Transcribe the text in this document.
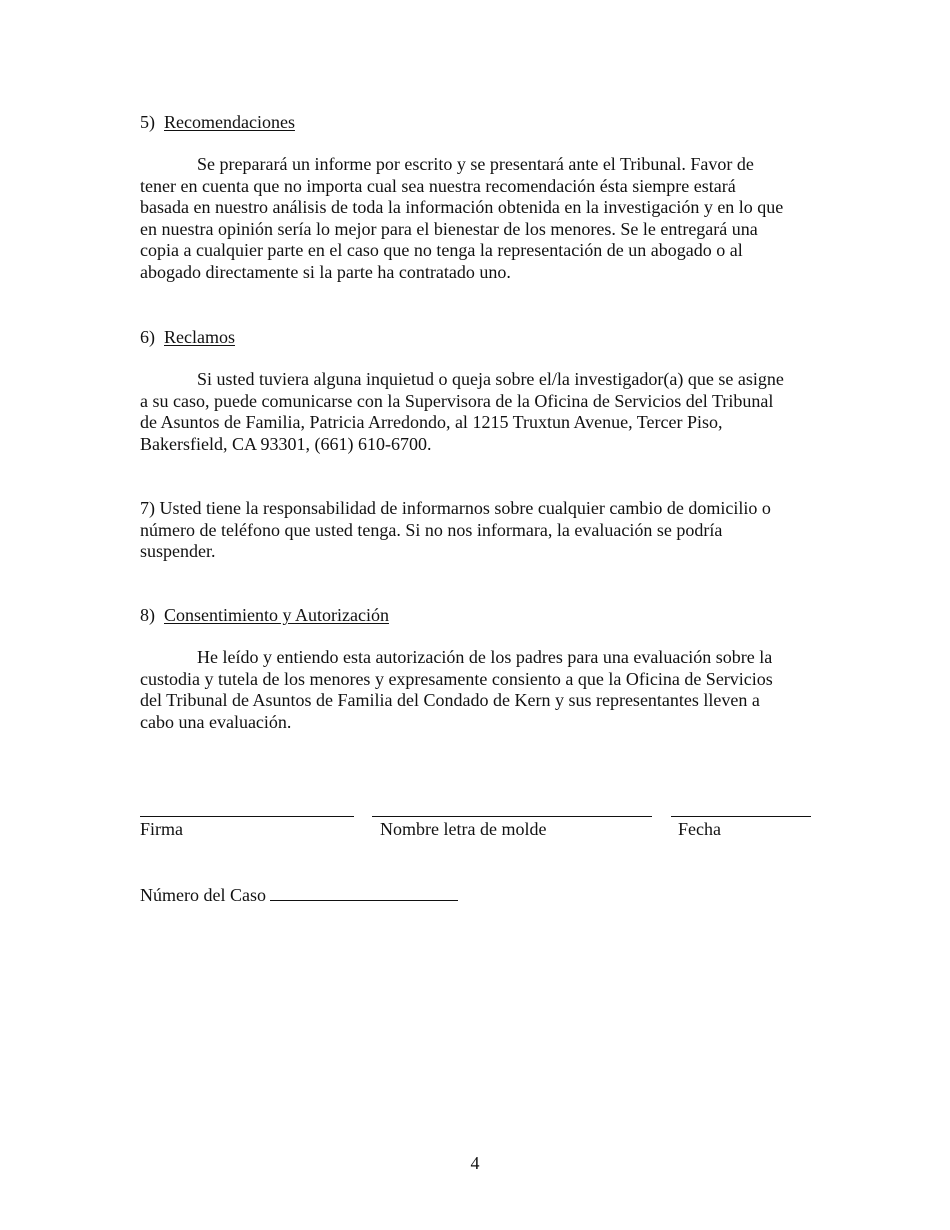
5) Recomendaciones
Se preparará un informe por escrito y se presentará ante el Tribunal. Favor de
tener en cuenta que no importa cual sea nuestra recomendación ésta siempre estará
basada en nuestro análisis de toda la información obtenida en la investigación y en lo que
en nuestra opinión sería lo mejor para el bienestar de los menores. Se le entregará una
copia a cualquier parte en el caso que no tenga la representación de un abogado o al
abogado directamente si la parte ha contratado uno.
6) Reclamos
Si usted tuviera alguna inquietud o queja sobre el/la investigador(a) que se asigne
a su caso, puede comunicarse con la Supervisora de la Oficina de Servicios del Tribunal
de Asuntos de Familia, Patricia Arredondo, al 1215 Truxtun Avenue, Tercer Piso,
Bakersfield, CA 93301, (661) 610-6700.
7) Usted tiene la responsabilidad de informarnos sobre cualquier cambio de domicilio o
número de teléfono que usted tenga. Si no nos informara, la evaluación se podría
suspender.
8) Consentimiento y Autorización
He leído y entiendo esta autorización de los padres para una evaluación sobre la
custodia y tutela de los menores y expresamente consiento a que la Oficina de Servicios
del Tribunal de Asuntos de Familia del Condado de Kern y sus representantes lleven a
cabo una evaluación.
Firma	Nombre letra de molde	Fecha
Número del Caso
4
